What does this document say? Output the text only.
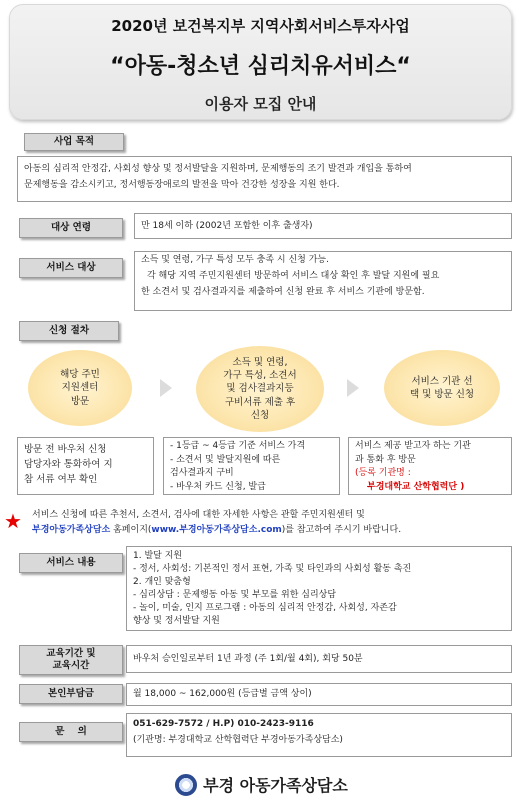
2020년 보건복지부 지역사회서비스투자사업
“아동-청소년 심리치유서비스“
이용자 모집 안내
사업 목적

아동의 심리적 안정감, 사회성 향상 및 정서발달을 지원하며, 문제행동의 조기 발견과 개입을 통하여

문제행동을 감소시키고, 정서행동장애로의 발전을 막아 건강한 성장을 지원 한다.

대상 연령	만 18세 이하 (2002년 포함한 이후 출생자)

서비스 대상

소득 및 연령, 가구 특성 모두 충족 시 신청 가능.

각 해당 지역 주민지원센터 방문하여 서비스 대상 확인 후 발달 지원에 필요

한 소견서 및 검사결과지를 제출하여 신청 완료 후 서비스 기관에 방문함.

신청 절차
해당 주민
지원센터
방문
소득 및 연령,
가구 특성, 소견서
및 검사결과지등
구비서류 제출 후
신청
서비스 기관 선
택 및 방문 신청

방문 전 바우처 신청

담당자와 통화하여 지

참 서류 여부 확인

- 1등급 ~ 4등급 기준 서비스 가격

- 소견서 및 발달지원에 따른

검사결과지 구비

- 바우처 카드 신청, 발급

서비스 제공 받고자 하는 기관

과 통화 후 방문

(등록 기관명 :

부경대학교 산학협력단 )

★ 서비스 신청에 따른 추천서, 소견서, 검사에 대한 자세한 사항은 관할 주민지원센터 및

부경아동가족상담소 홈페이지(www.부경아동가족상담소.com)를 참고하여 주시기 바랍니다.

서비스 내용

1. 발달 지원

- 정서, 사회성: 기본적인 정서 표현, 가족 및 타인과의 사회성 활동 촉진

2. 개인 맞춤형

- 심리상담 : 문제행동 아동 및 부모를 위한 심리상담

- 놀이, 미술, 인지 프로그램 : 아동의 심리적 안정감, 사회성, 자존감

향상 및 정서발달 지원

교육기간 및
교육시간

바우처 승인일로부터 1년 과정 (주 1회/월 4회), 회당 50분

본인부담금	월 18,000 ~ 162,000원 (등급별 금액 상이)

문    의

051-629-7572 / H.P) 010-2423-9116

(기관명: 부경대학교 산학협력단 부경아동가족상담소)

부경 아동가족상담소
